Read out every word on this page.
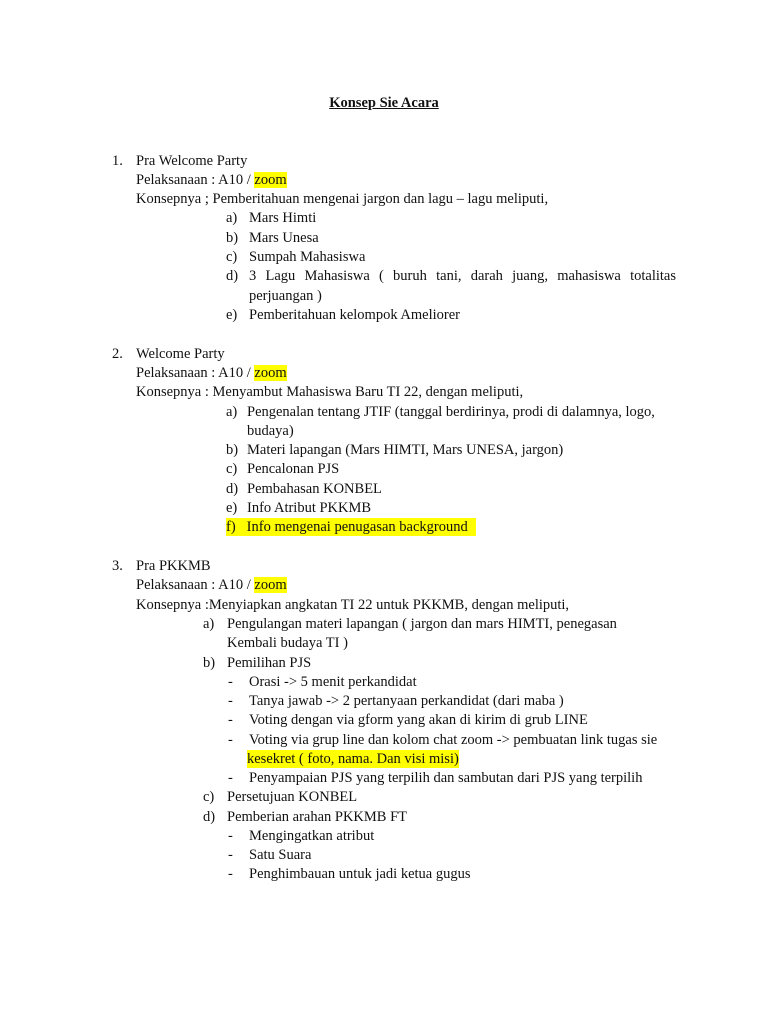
Konsep Sie Acara
1. Pra Welcome Party
Pelaksanaan : A10 / zoom
Konsepnya ; Pemberitahuan mengenai jargon dan lagu – lagu meliputi,
a) Mars Himti
b) Mars Unesa
c) Sumpah Mahasiswa
d) 3 Lagu Mahasiswa ( buruh tani, darah juang, mahasiswa totalitas
perjuangan )
e) Pemberitahuan kelompok Ameliorer
2. Welcome Party
Pelaksanaan : A10 / zoom
Konsepnya : Menyambut Mahasiswa Baru TI 22, dengan meliputi,
a) Pengenalan tentang JTIF (tanggal berdirinya, prodi di dalamnya, logo,
budaya)
b) Materi lapangan (Mars HIMTI, Mars UNESA, jargon)
c) Pencalonan PJS
d) Pembahasan KONBEL
e) Info Atribut PKKMB
f) Info mengenai penugasan background
3. Pra PKKMB
Pelaksanaan : A10 / zoom
Konsepnya :Menyiapkan angkatan TI 22 untuk PKKMB, dengan meliputi,
a) Pengulangan materi lapangan ( jargon dan mars HIMTI, penegasan
Kembali budaya TI )
b) Pemilihan PJS
- Orasi -> 5 menit perkandidat
- Tanya jawab -> 2 pertanyaan perkandidat (dari maba )
- Voting dengan via gform yang akan di kirim di grub LINE
- Voting via grup line dan kolom chat zoom -> pembuatan link tugas sie
kesekret ( foto, nama. Dan visi misi)
- Penyampaian PJS yang terpilih dan sambutan dari PJS yang terpilih
c) Persetujuan KONBEL
d) Pemberian arahan PKKMB FT
- Mengingatkan atribut
- Satu Suara
- Penghimbauan untuk jadi ketua gugus
